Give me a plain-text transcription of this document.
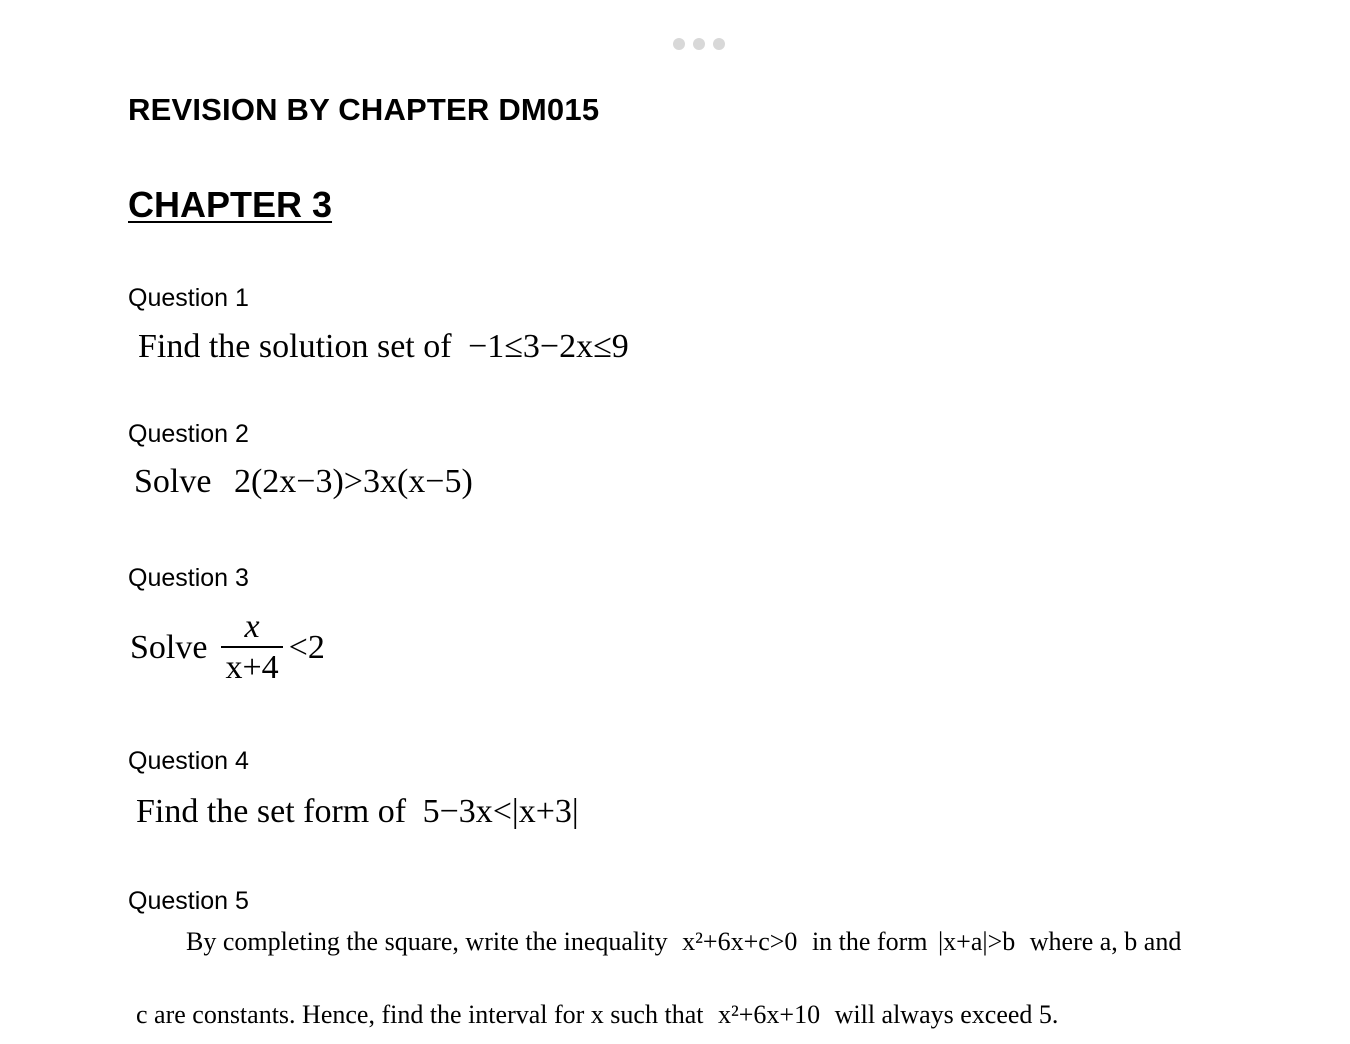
REVISION BY CHAPTER DM015
CHAPTER 3
Question 1
Find the solution set of −1≤3−2x≤9
Question 2
Solve 2(2x−3)>3x(x−5)
Question 3
Solve $\frac{x}{x+4} <2$
Question 4
Find the set form of 5−3x<|x+3|
Question 5
By completing the square, write the inequality x²+6x+c>0 in the form |x+a|>b where a, b and
c are constants. Hence, find the interval for x such that x²+6x+10 will always exceed 5.
